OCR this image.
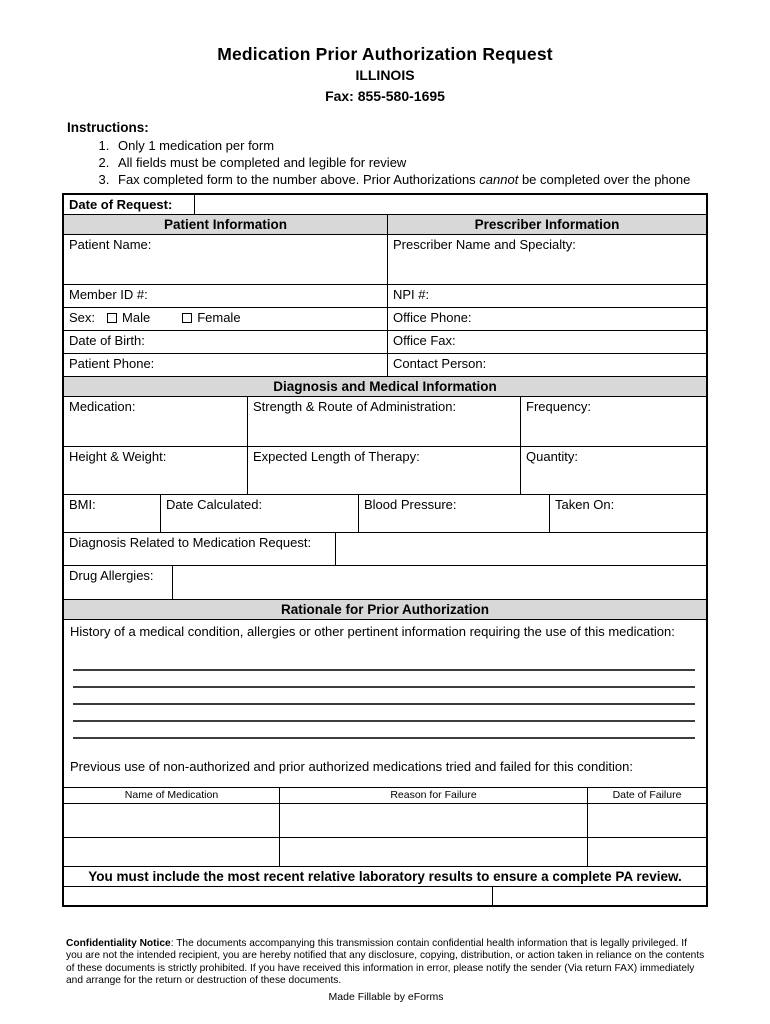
Medication Prior Authorization Request
ILLINOIS
Fax: 855-580-1695
Instructions:
1. Only 1 medication per form
2. All fields must be completed and legible for review
3. Fax completed form to the number above. Prior Authorizations cannot be completed over the phone
Date of Request:
Patient Information	Prescriber Information
Patient Name:	Prescriber Name and Specialty:
Member ID #:	NPI #:
Sex: Male	Female	Office Phone:
Date of Birth:	Office Fax:
Patient Phone:	Contact Person:
Diagnosis and Medical Information
Medication:	Strength & Route of Administration:	Frequency:
Height & Weight:	Expected Length of Therapy:	Quantity:
BMI:	Date Calculated:	Blood Pressure:	Taken On:
Diagnosis Related to Medication Request:
Drug Allergies:
Rationale for Prior Authorization
History of a medical condition, allergies or other pertinent information requiring the use of this medication:
Previous use of non-authorized and prior authorized medications tried and failed for this condition:
Name of Medication	Reason for Failure	Date of Failure
You must include the most recent relative laboratory results to ensure a complete PA review.
Confidentiality Notice: The documents accompanying this transmission contain confidential health information that is legally privileged. If you are not the intended recipient, you are hereby notified that any disclosure, copying, distribution, or action taken in reliance on the contents of these documents is strictly prohibited. If you have received this information in error, please notify the sender (Via return FAX) immediately and arrange for the return or destruction of these documents.
Made Fillable by eForms
